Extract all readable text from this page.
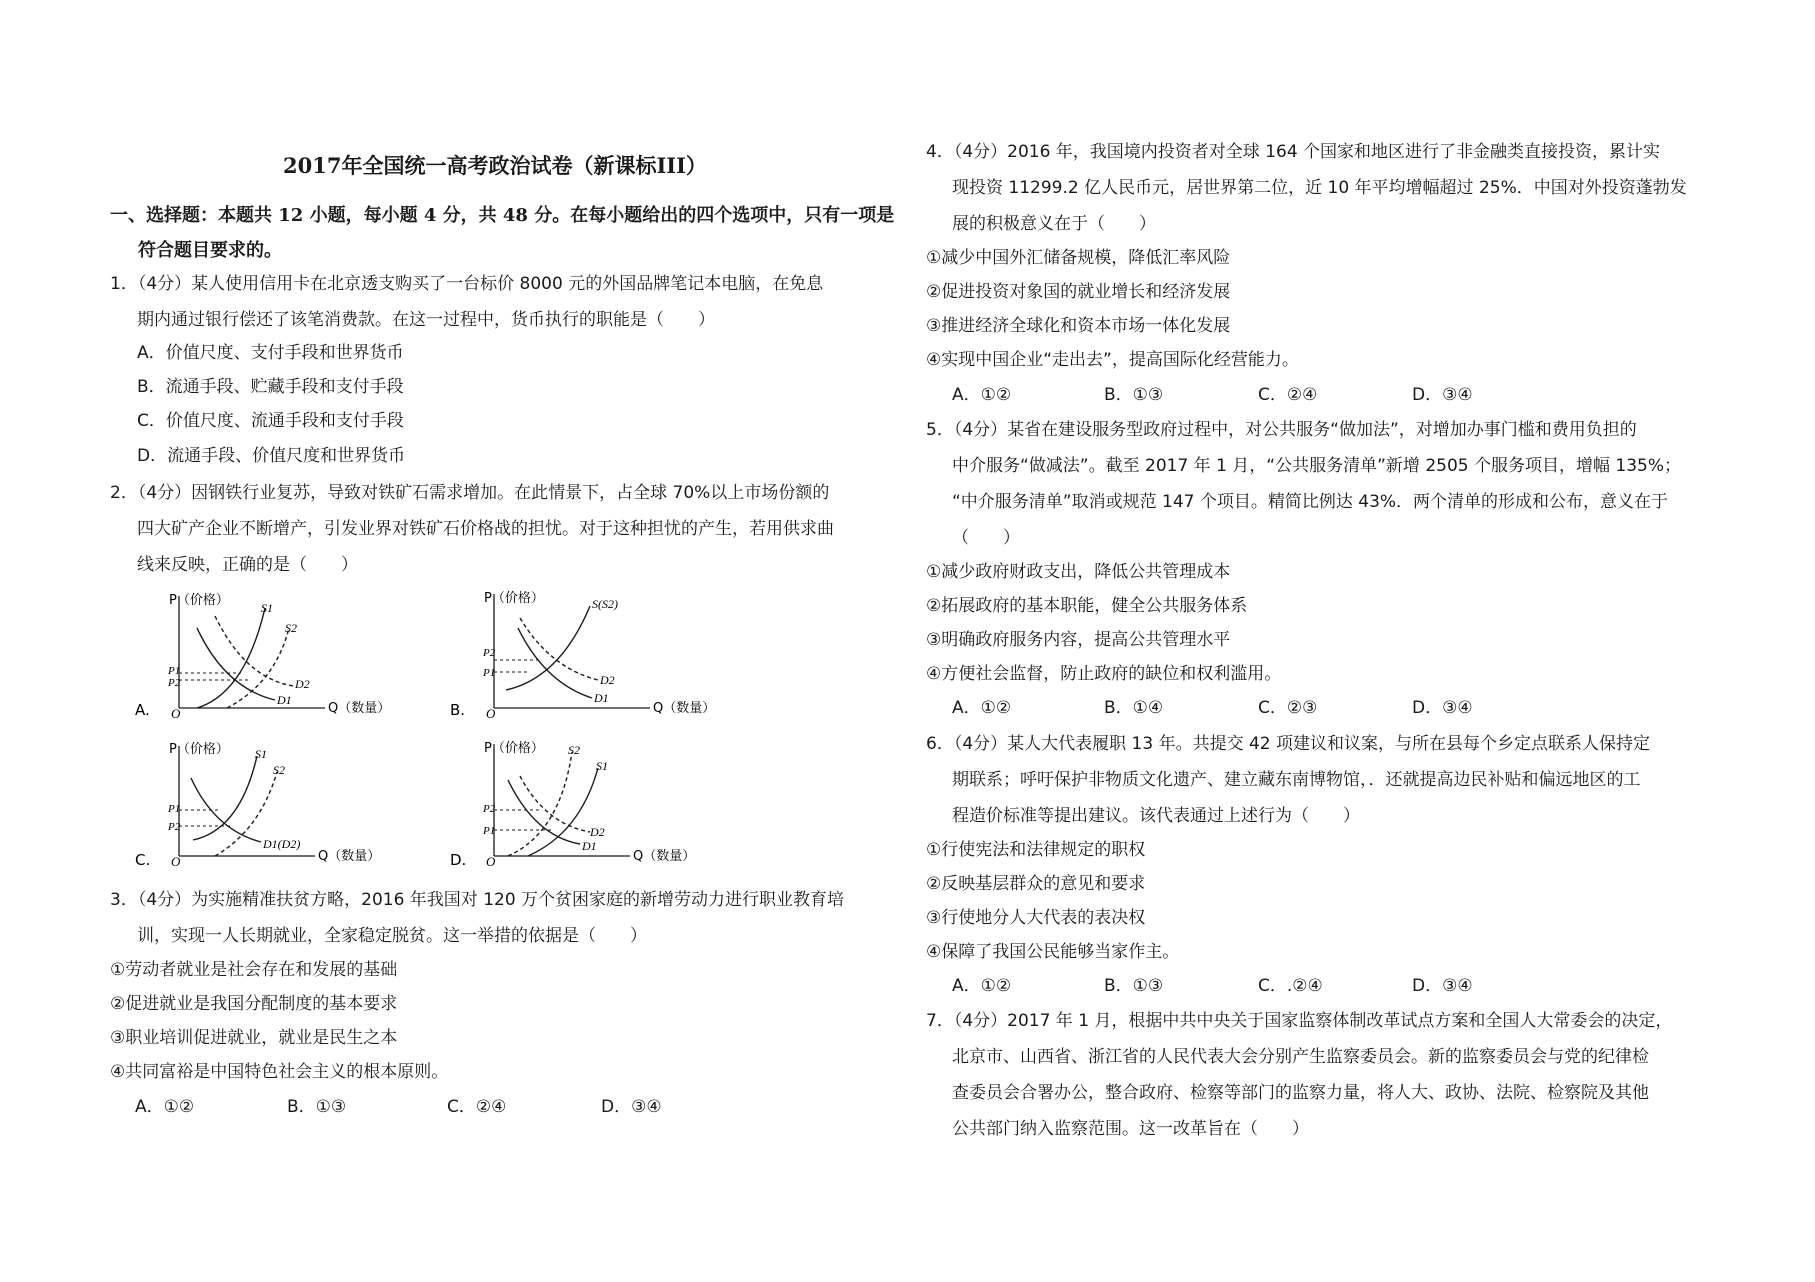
2017年全国统一高考政治试卷（新课标III）
一、选择题：本题共 12 小题，每小题 4 分，共 48 分。在每小题给出的四个选项中，只有一项是
符合题目要求的。
1．（4分）某人使用信用卡在北京透支购买了一台标价 8000 元的外国品牌笔记本电脑，在免息
期内通过银行偿还了该笔消费款。在这一过程中，货币执行的职能是（　　）
A．价值尺度、支付手段和世界货币
B．流通手段、贮藏手段和支付手段
C．价值尺度、流通手段和支付手段
D．流通手段、价值尺度和世界货币
2．（4分）因钢铁行业复苏，导致对铁矿石需求增加。在此情景下，占全球 70%以上市场份额的
四大矿产企业不断增产，引发业界对铁矿石价格战的担忧。对于这种担忧的产生，若用供求曲
线来反映，正确的是（　　）
A. O
P（价格）
Q（数量）
S1
S2
D2
D1
P1
P2
B. O
P（价格）
Q（数量）
S(S2)
D2
D1
P2
P1
C. O
P（价格）
Q（数量）
S1
S2
D1(D2)
P1
P2
D. O
P（价格）
Q（数量）
S2
S1
D2
D1
P2
P1
3．（4分）为实施精准扶贫方略，2016 年我国对 120 万个贫困家庭的新增劳动力进行职业教育培
训，实现一人长期就业，全家稳定脱贫。这一举措的依据是（　　）
①劳动者就业是社会存在和发展的基础
②促进就业是我国分配制度的基本要求
③职业培训促进就业，就业是民生之本
④共同富裕是中国特色社会主义的根本原则。
A．①②	B．①③	C．②④	D．③④
4．（4分）2016 年，我国境内投资者对全球 164 个国家和地区进行了非金融类直接投资，累计实
现投资 11299.2 亿人民币元，居世界第二位，近 10 年平均增幅超过 25%．中国对外投资蓬勃发
展的积极意义在于（　　）
①减少中国外汇储备规模，降低汇率风险
②促进投资对象国的就业增长和经济发展
③推进经济全球化和资本市场一体化发展
④实现中国企业“走出去”，提高国际化经营能力。
A．①②	B．①③	C．②④	D．③④
5．（4分）某省在建设服务型政府过程中，对公共服务“做加法”，对增加办事门槛和费用负担的
中介服务“做减法”。截至 2017 年 1 月，“公共服务清单”新增 2505 个服务项目，增幅 135%；
“中介服务清单”取消或规范 147 个项目。精简比例达 43%．两个清单的形成和公布，意义在于
（　　）
①减少政府财政支出，降低公共管理成本
②拓展政府的基本职能，健全公共服务体系
③明确政府服务内容，提高公共管理水平
④方便社会监督，防止政府的缺位和权利滥用。
A．①②	B．①④	C．②③	D．③④
6．（4分）某人大代表履职 13 年。共提交 42 项建议和议案，与所在县每个乡定点联系人保持定
期联系；呼吁保护非物质文化遗产、建立藏东南博物馆，．还就提高边民补贴和偏远地区的工
程造价标准等提出建议。该代表通过上述行为（　　）
①行使宪法和法律规定的职权
②反映基层群众的意见和要求
③行使地分人大代表的表决权
④保障了我国公民能够当家作主。
A．①②	B．①③	C．.②④	D．③④
7．（4分）2017 年 1 月，根据中共中央关于国家监察体制改革试点方案和全国人大常委会的决定，
北京市、山西省、浙江省的人民代表大会分别产生监察委员会。新的监察委员会与党的纪律检
查委员会合署办公，整合政府、检察等部门的监察力量，将人大、政协、法院、检察院及其他
公共部门纳入监察范围。这一改革旨在（　　）
